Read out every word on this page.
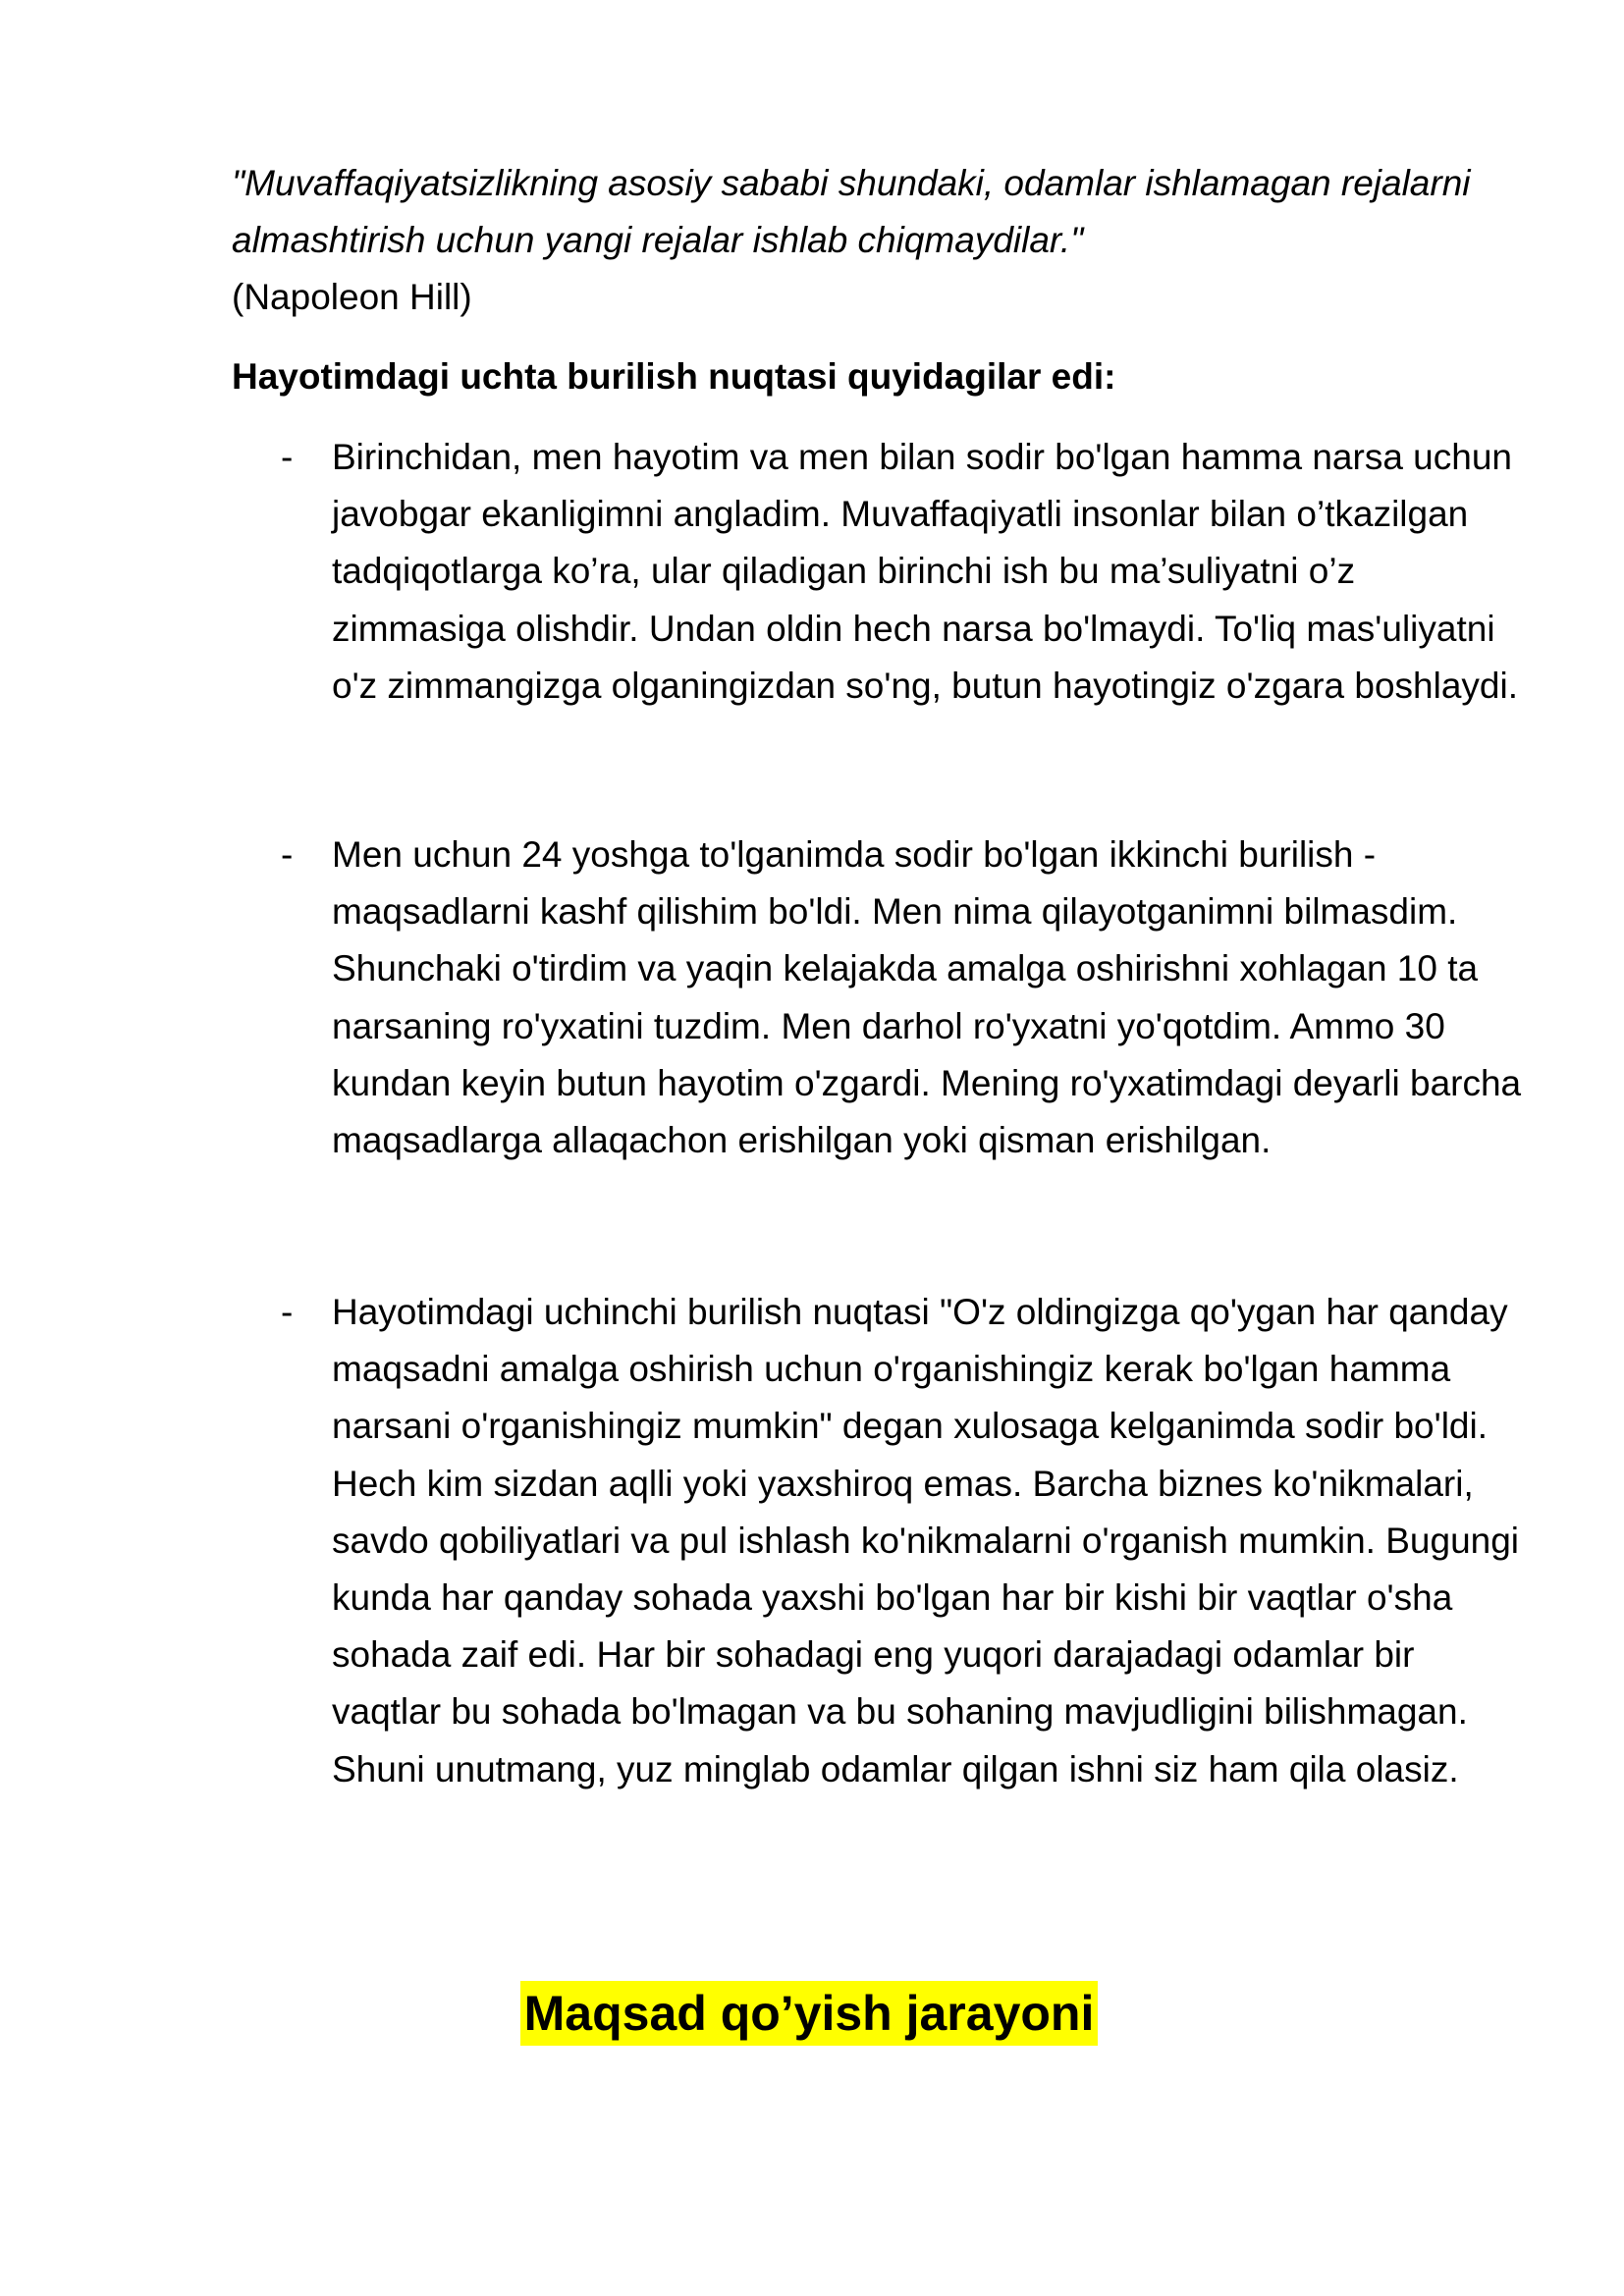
"Muvaffaqiyatsizlikning asosiy sababi shundaki, odamlar ishlamagan rejalarni almashtirish uchun yangi rejalar ishlab chiqmaydilar."

(Napoleon Hill)

Hayotimdagi uchta burilish nuqtasi quyidagilar edi:

- Birinchidan, men hayotim va men bilan sodir bo'lgan hamma narsa uchun javobgar ekanligimni angladim. Muvaffaqiyatli insonlar bilan o’tkazilgan tadqiqotlarga ko’ra, ular qiladigan birinchi ish bu ma’suliyatni o’z zimmasiga olishdir. Undan oldin hech narsa bo'lmaydi. To'liq mas'uliyatni o'z zimmangizga olganingizdan so'ng, butun hayotingiz o'zgara boshlaydi.

- Men uchun 24 yoshga to'lganimda sodir bo'lgan ikkinchi burilish - maqsadlarni kashf qilishim bo'ldi. Men nima qilayotganimni bilmasdim. Shunchaki o'tirdim va yaqin kelajakda amalga oshirishni xohlagan 10 ta narsaning ro'yxatini tuzdim. Men darhol ro'yxatni yo'qotdim. Ammo 30 kundan keyin butun hayotim o'zgardi. Mening ro'yxatimdagi deyarli barcha maqsadlarga allaqachon erishilgan yoki qisman erishilgan.

- Hayotimdagi uchinchi burilish nuqtasi "O'z oldingizga qo'ygan har qanday maqsadni amalga oshirish uchun o'rganishingiz kerak bo'lgan hamma narsani o'rganishingiz mumkin" degan xulosaga kelganimda sodir bo'ldi. Hech kim sizdan aqlli yoki yaxshiroq emas. Barcha biznes ko'nikmalari, savdo qobiliyatlari va pul ishlash ko'nikmalarni o'rganish mumkin. Bugungi kunda har qanday sohada yaxshi bo'lgan har bir kishi bir vaqtlar o'sha sohada zaif edi. Har bir sohadagi eng yuqori darajadagi odamlar bir vaqtlar bu sohada bo'lmagan va bu sohaning mavjudligini bilishmagan. Shuni unutmang, yuz minglab odamlar qilgan ishni siz ham qila olasiz.

Maqsad qo’yish jarayoni
